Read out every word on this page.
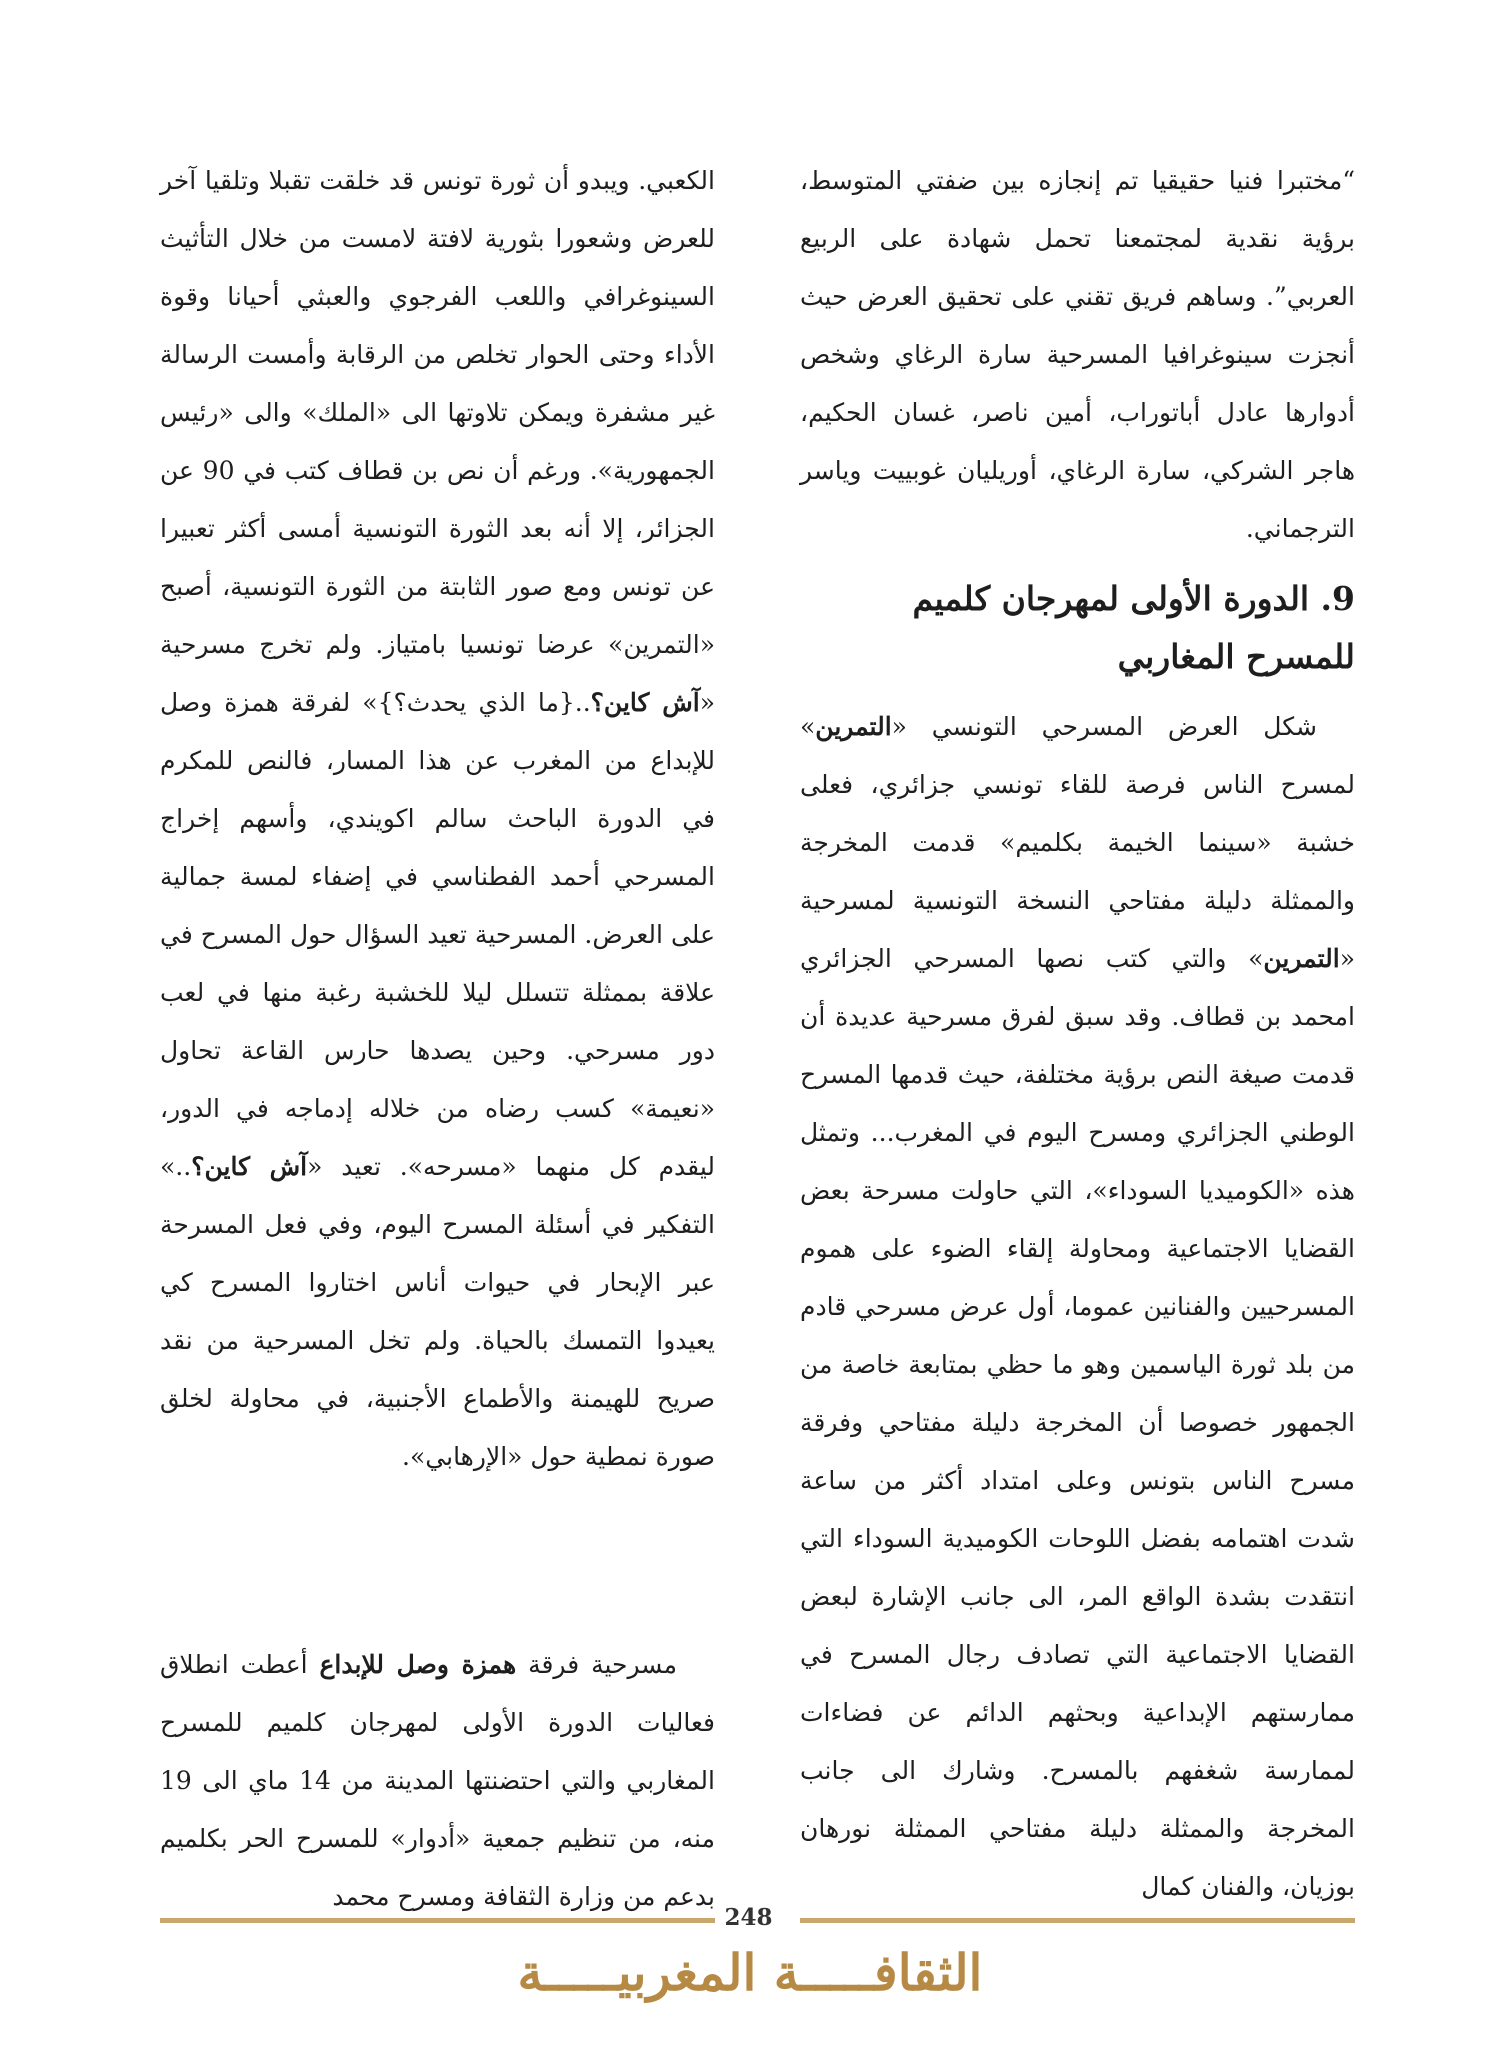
“مختبرا فنيا حقيقيا تم إنجازه بين ضفتي المتوسط، برؤية نقدية لمجتمعنا تحمل شهادة على الربيع العربي”. وساهم فريق تقني على تحقيق العرض حيث أنجزت سينوغرافيا المسرحية سارة الرغاي وشخص أدوارها عادل أباتوراب، أمين ناصر، غسان الحكيم، هاجر الشركي، سارة الرغاي، أوريليان غوبييت وياسر الترجماني.

9. الدورة الأولى لمهرجان كلميم للمسرح المغاربي

شكل العرض المسرحي التونسي «التمرين» لمسرح الناس فرصة للقاء تونسي جزائري، فعلى خشبة «سينما الخيمة بكلميم» قدمت المخرجة والممثلة دليلة مفتاحي النسخة التونسية لمسرحية «التمرين» والتي كتب نصها المسرحي الجزائري امحمد بن قطاف. وقد سبق لفرق مسرحية عديدة أن قدمت صيغة النص برؤية مختلفة، حيث قدمها المسرح الوطني الجزائري ومسرح اليوم في المغرب... وتمثل هذه «الكوميديا السوداء»، التي حاولت مسرحة بعض القضايا الاجتماعية ومحاولة إلقاء الضوء على هموم المسرحيين والفنانين عموما، أول عرض مسرحي قادم من بلد ثورة الياسمين وهو ما حظي بمتابعة خاصة من الجمهور خصوصا أن المخرجة دليلة مفتاحي وفرقة مسرح الناس بتونس وعلى امتداد أكثر من ساعة شدت اهتمامه بفضل اللوحات الكوميدية السوداء التي انتقدت بشدة الواقع المر، الى جانب الإشارة لبعض القضايا الاجتماعية التي تصادف رجال المسرح في ممارستهم الإبداعية وبحثهم الدائم عن فضاءات لممارسة شغفهم بالمسرح. وشارك الى جانب المخرجة والممثلة دليلة مفتاحي الممثلة نورهان بوزيان، والفنان كمال

الكعبي. ويبدو أن ثورة تونس قد خلقت تقبلا وتلقيا آخر للعرض وشعورا بثورية لافتة لامست من خلال التأثيث السينوغرافي واللعب الفرجوي والعبثي أحيانا وقوة الأداء وحتى الحوار تخلص من الرقابة وأمست الرسالة غير مشفرة ويمكن تلاوتها الى «الملك» والى «رئيس الجمهورية». ورغم أن نص بن قطاف كتب في 90 عن الجزائر، إلا أنه بعد الثورة التونسية أمسى أكثر تعبيرا عن تونس ومع صور الثابتة من الثورة التونسية، أصبح «التمرين» عرضا تونسيا بامتياز. ولم تخرج مسرحية «آش كاين؟..{ما الذي يحدث؟}» لفرقة همزة وصل للإبداع من المغرب عن هذا المسار، فالنص للمكرم في الدورة الباحث سالم اكويندي، وأسهم إخراج المسرحي أحمد الفطناسي في إضفاء لمسة جمالية على العرض. المسرحية تعيد السؤال حول المسرح في علاقة بممثلة تتسلل ليلا للخشبة رغبة منها في لعب دور مسرحي. وحين يصدها حارس القاعة تحاول «نعيمة» كسب رضاه من خلاله إدماجه في الدور، ليقدم كل منهما «مسرحه». تعيد «آش كاين؟..» التفكير في أسئلة المسرح اليوم، وفي فعل المسرحة عبر الإبحار في حيوات أناس اختاروا المسرح كي يعيدوا التمسك بالحياة. ولم تخل المسرحية من نقد صريح للهيمنة والأطماع الأجنبية، في محاولة لخلق صورة نمطية حول «الإرهابي».

مسرحية فرقة همزة وصل للإبداع أعطت انطلاق فعاليات الدورة الأولى لمهرجان كلميم للمسرح المغاربي والتي احتضنتها المدينة من 14 ماي الى 19 منه، من تنظيم جمعية «أدوار» للمسرح الحر بكلميم بدعم من وزارة الثقافة ومسرح محمد

248
الثقافـــــة المغربيـــــة
